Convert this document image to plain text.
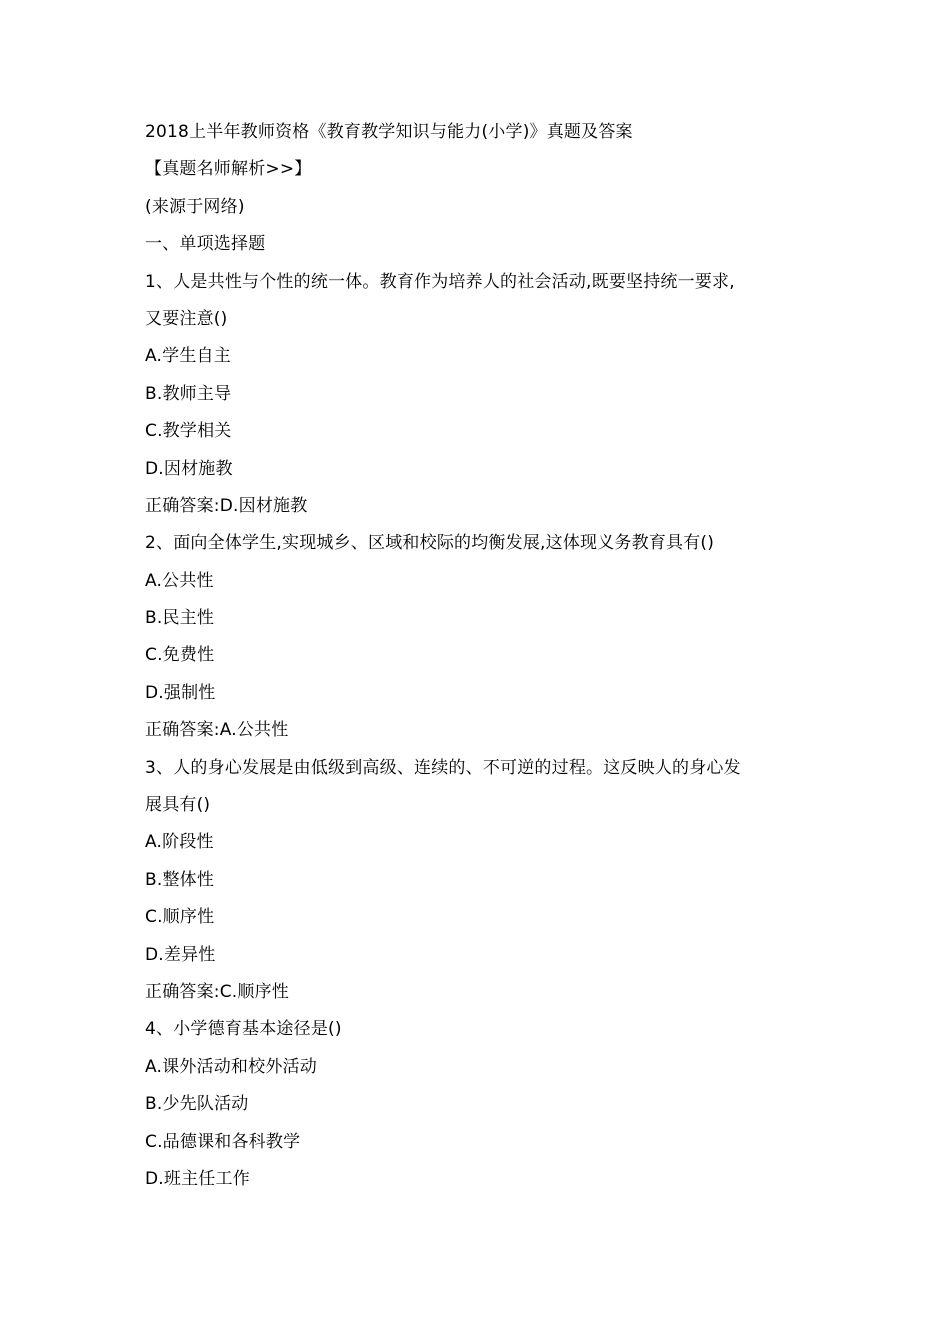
2018上半年教师资格《教育教学知识与能力(小学)》真题及答案
【真题名师解析>>】
(来源于网络)
一、单项选择题
1、人是共性与个性的统一体。教育作为培养人的社会活动,既要坚持统一要求,
又要注意()
A.学生自主
B.教师主导
C.教学相关
D.因材施教
正确答案:D.因材施教
2、面向全体学生,实现城乡、区域和校际的均衡发展,这体现义务教育具有()
A.公共性
B.民主性
C.免费性
D.强制性
正确答案:A.公共性
3、人的身心发展是由低级到高级、连续的、不可逆的过程。这反映人的身心发
展具有()
A.阶段性
B.整体性
C.顺序性
D.差异性
正确答案:C.顺序性
4、小学德育基本途径是()
A.课外活动和校外活动
B.少先队活动
C.品德课和各科教学
D.班主任工作
